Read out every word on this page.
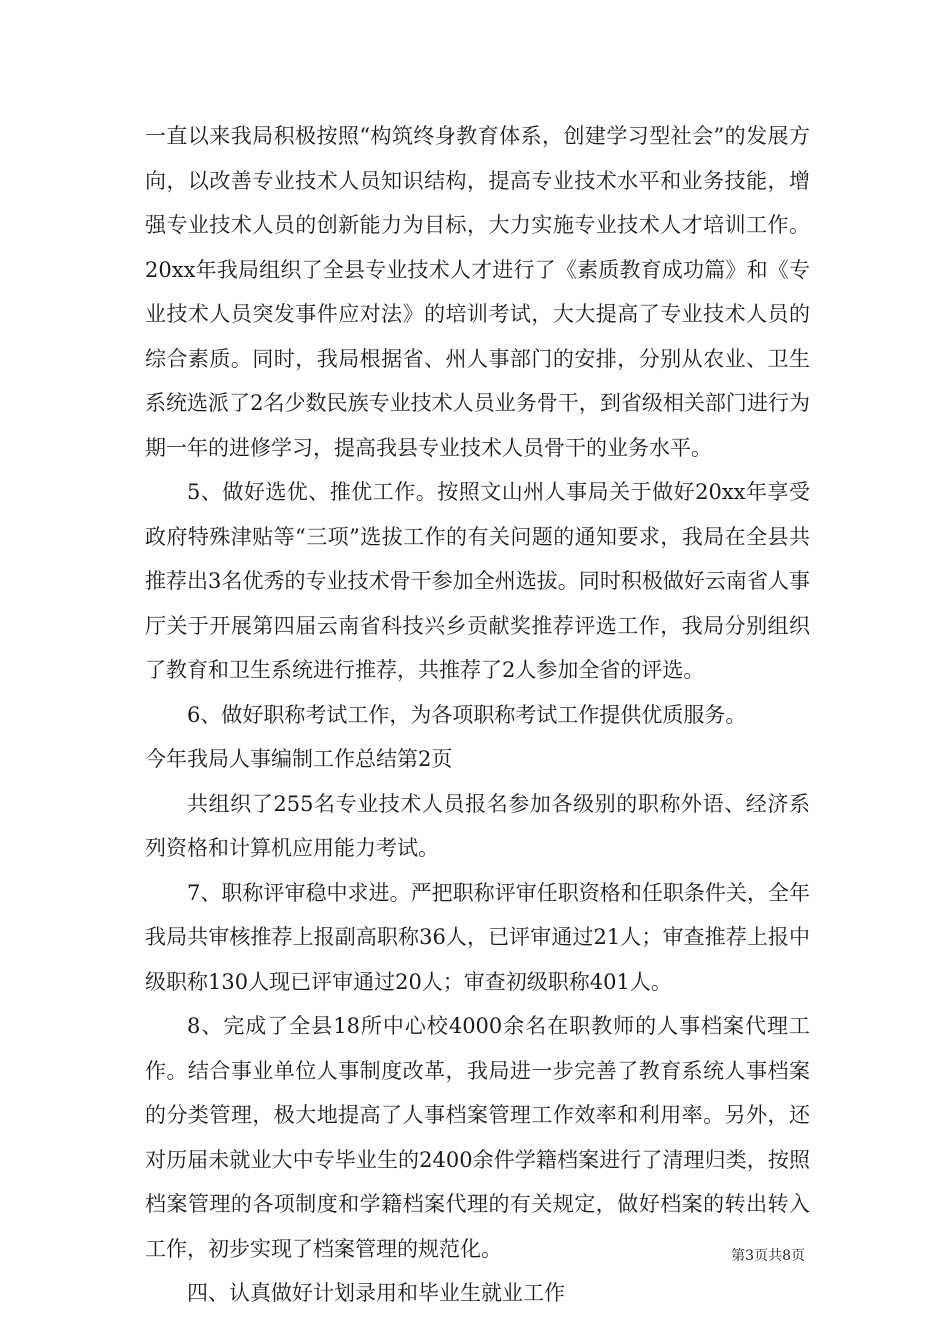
一直以来我局积极按照“构筑终身教育体系，创建学习型社会”的发展方向，以改善专业技术人员知识结构，提高专业技术水平和业务技能，增强专业技术人员的创新能力为目标，大力实施专业技术人才培训工作。20xx年我局组织了全县专业技术人才进行了《素质教育成功篇》和《专业技术人员突发事件应对法》的培训考试，大大提高了专业技术人员的综合素质。同时，我局根据省、州人事部门的安排，分别从农业、卫生系统选派了2名少数民族专业技术人员业务骨干，到省级相关部门进行为期一年的进修学习，提高我县专业技术人员骨干的业务水平。

5、做好选优、推优工作。按照文山州人事局关于做好20xx年享受政府特殊津贴等“三项”选拔工作的有关问题的通知要求，我局在全县共推荐出3名优秀的专业技术骨干参加全州选拔。同时积极做好云南省人事厅关于开展第四届云南省科技兴乡贡献奖推荐评选工作，我局分别组织了教育和卫生系统进行推荐，共推荐了2人参加全省的评选。

6、做好职称考试工作，为各项职称考试工作提供优质服务。

今年我局人事编制工作总结第2页

共组织了255名专业技术人员报名参加各级别的职称外语、经济系列资格和计算机应用能力考试。

7、职称评审稳中求进。严把职称评审任职资格和任职条件关，全年我局共审核推荐上报副高职称36人，已评审通过21人；审查推荐上报中级职称130人现已评审通过20人；审查初级职称401人。

8、完成了全县18所中心校4000余名在职教师的人事档案代理工作。结合事业单位人事制度改革，我局进一步完善了教育系统人事档案的分类管理，极大地提高了人事档案管理工作效率和利用率。另外，还对历届未就业大中专毕业生的2400余件学籍档案进行了清理归类，按照档案管理的各项制度和学籍档案代理的有关规定，做好档案的转出转入工作，初步实现了档案管理的规范化。

四、认真做好计划录用和毕业生就业工作

第3页共8页
